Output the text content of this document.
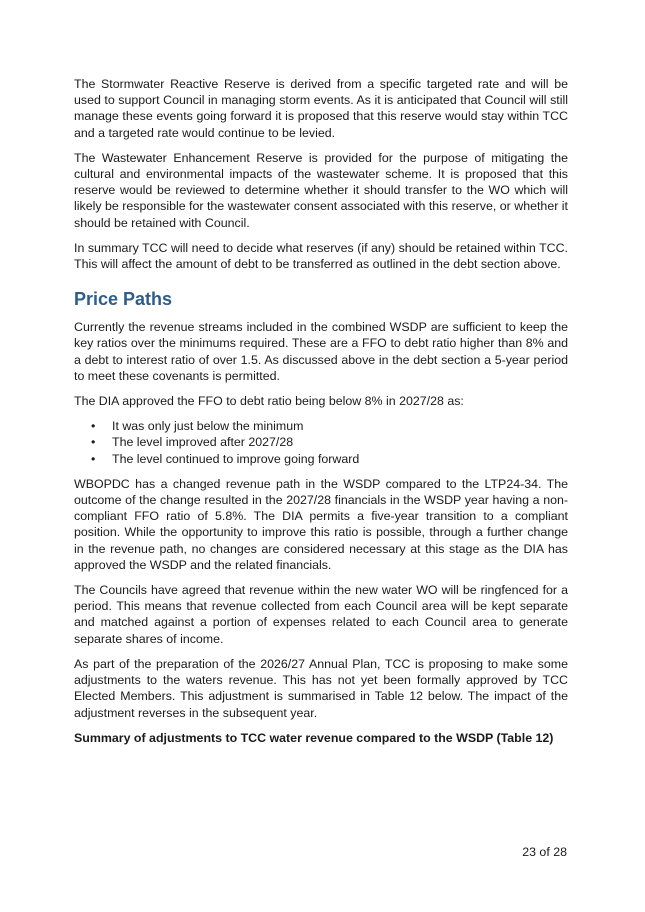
The Stormwater Reactive Reserve is derived from a specific targeted rate and will be used to support Council in managing storm events. As it is anticipated that Council will still manage these events going forward it is proposed that this reserve would stay within TCC and a targeted rate would continue to be levied.

The Wastewater Enhancement Reserve is provided for the purpose of mitigating the cultural and environmental impacts of the wastewater scheme. It is proposed that this reserve would be reviewed to determine whether it should transfer to the WO which will likely be responsible for the wastewater consent associated with this reserve, or whether it should be retained with Council.

In summary TCC will need to decide what reserves (if any) should be retained within TCC. This will affect the amount of debt to be transferred as outlined in the debt section above.

Price Paths

Currently the revenue streams included in the combined WSDP are sufficient to keep the key ratios over the minimums required. These are a FFO to debt ratio higher than 8% and a debt to interest ratio of over 1.5. As discussed above in the debt section a 5-year period to meet these covenants is permitted.

The DIA approved the FFO to debt ratio being below 8% in 2027/28 as:

• It was only just below the minimum
• The level improved after 2027/28
• The level continued to improve going forward

WBOPDC has a changed revenue path in the WSDP compared to the LTP24-34. The outcome of the change resulted in the 2027/28 financials in the WSDP year having a non-compliant FFO ratio of 5.8%. The DIA permits a five-year transition to a compliant position. While the opportunity to improve this ratio is possible, through a further change in the revenue path, no changes are considered necessary at this stage as the DIA has approved the WSDP and the related financials.

The Councils have agreed that revenue within the new water WO will be ringfenced for a period. This means that revenue collected from each Council area will be kept separate and matched against a portion of expenses related to each Council area to generate separate shares of income.

As part of the preparation of the 2026/27 Annual Plan, TCC is proposing to make some adjustments to the waters revenue. This has not yet been formally approved by TCC Elected Members. This adjustment is summarised in Table 12 below. The impact of the adjustment reverses in the subsequent year.

Summary of adjustments to TCC water revenue compared to the WSDP (Table 12)

23 of 28
